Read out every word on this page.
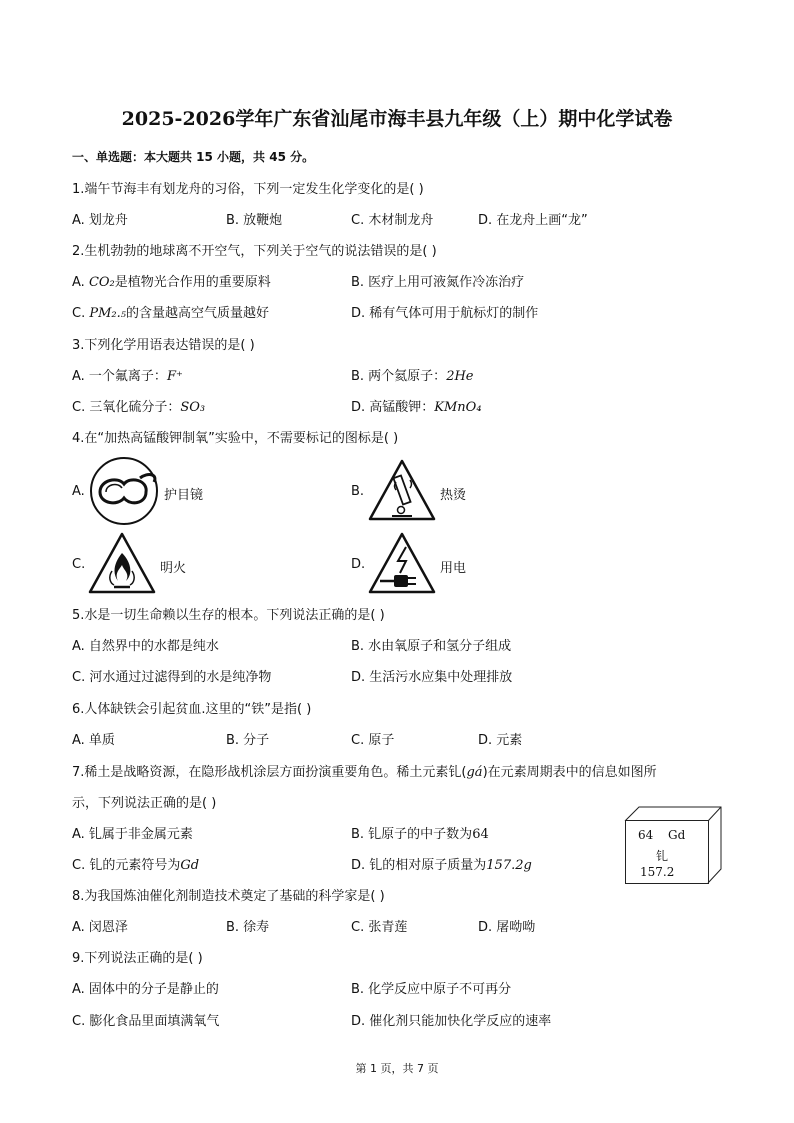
2025-2026学年广东省汕尾市海丰县九年级（上）期中化学试卷
一、单选题：本大题共 15 小题，共 45 分。
1.端午节海丰有划龙舟的习俗，下列一定发生化学变化的是( )
A. 划龙舟	B. 放鞭炮	C. 木材制龙舟	D. 在龙舟上画“龙”
2.生机勃勃的地球离不开空气，下列关于空气的说法错误的是( )
A. CO₂是植物光合作用的重要原料	B. 医疗上用可液氮作冷冻治疗
C. PM₂.₅的含量越高空气质量越好	D. 稀有气体可用于航标灯的制作
3.下列化学用语表达错误的是( )
A. 一个氟离子：F⁺	B. 两个氦原子：2He
C. 三氧化硫分子：SO₃	D. 高锰酸钾：KMnO₄
4.在“加热高锰酸钾制氧”实验中，不需要标记的图标是( )
A.	护目镜	B.	热烫
C.	明火	D.	用电
5.水是一切生命赖以生存的根本。下列说法正确的是( )
A. 自然界中的水都是纯水	B. 水由氧原子和氢分子组成
C. 河水通过过滤得到的水是纯净物	D. 生活污水应集中处理排放
6.人体缺铁会引起贫血.这里的“铁”是指( )
A. 单质	B. 分子	C. 原子	D. 元素
7.稀土是战略资源，在隐形战机涂层方面扮演重要角色。稀土元素钆(gá)在元素周期表中的信息如图所
示，下列说法正确的是( )
A. 钆属于非金属元素	B. 钆原子的中子数为64
C. 钆的元素符号为Gd	D. 钆的相对原子质量为157.2g
64 Gd
钆
157.2
8.为我国炼油催化剂制造技术奠定了基础的科学家是( )
A. 闵恩泽	B. 徐寿	C. 张青莲	D. 屠呦呦
9.下列说法正确的是( )
A. 固体中的分子是静止的	B. 化学反应中原子不可再分
C. 膨化食品里面填满氧气	D. 催化剂只能加快化学反应的速率
第 1 页，共 7 页
